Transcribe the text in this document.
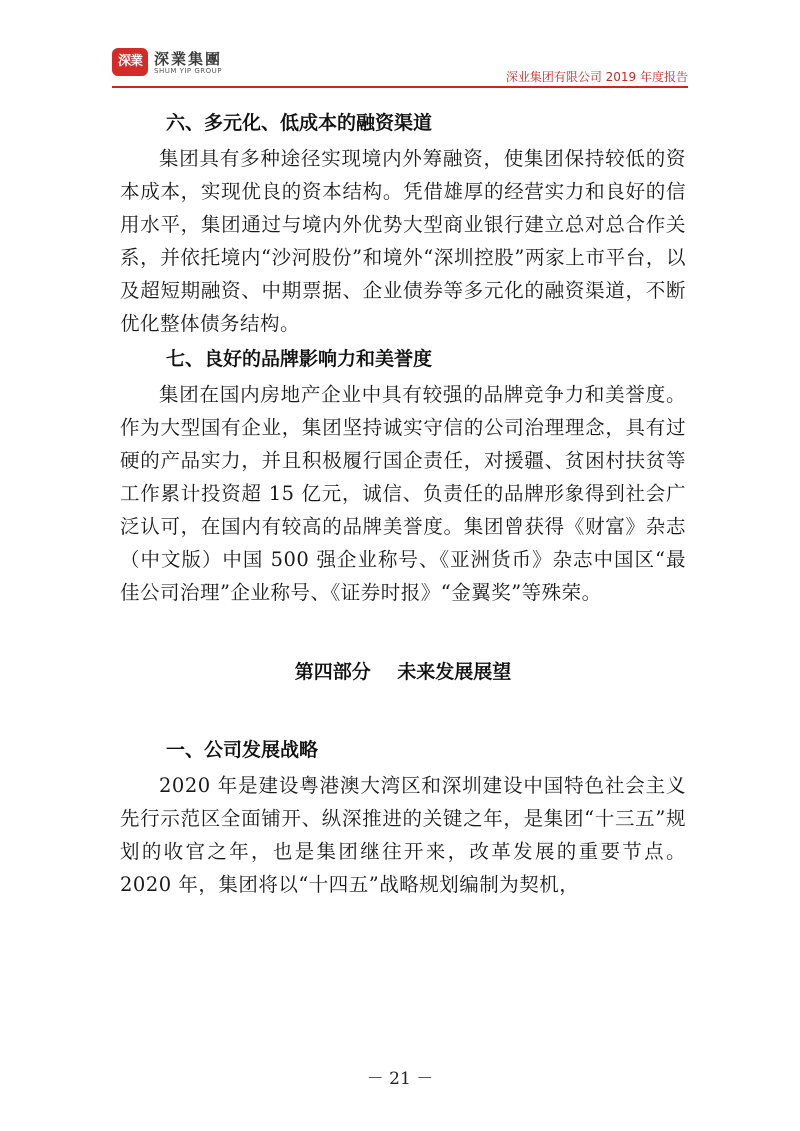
深業 深業集團
SHUM YIP GROUP	深业集团有限公司 2019 年度报告
六、多元化、低成本的融资渠道

集团具有多种途径实现境内外筹融资，使集团保持较低的资本成本，实现优良的资本结构。凭借雄厚的经营实力和良好的信用水平，集团通过与境内外优势大型商业银行建立总对总合作关系，并依托境内“沙河股份”和境外“深圳控股”两家上市平台，以及超短期融资、中期票据、企业债券等多元化的融资渠道，不断优化整体债务结构。

七、良好的品牌影响力和美誉度

集团在国内房地产企业中具有较强的品牌竞争力和美誉度。作为大型国有企业，集团坚持诚实守信的公司治理理念，具有过硬的产品实力，并且积极履行国企责任，对援疆、贫困村扶贫等工作累计投资超 15 亿元，诚信、负责任的品牌形象得到社会广泛认可，在国内有较高的品牌美誉度。集团曾获得《财富》杂志（中文版）中国 500 强企业称号、《亚洲货币》杂志中国区“最佳公司治理”企业称号、《证券时报》“金翼奖”等殊荣。

第四部分    未来发展展望
一、公司发展战略

2020 年是建设粤港澳大湾区和深圳建设中国特色社会主义先行示范区全面铺开、纵深推进的关键之年，是集团“十三五”规划的收官之年，也是集团继往开来，改革发展的重要节点。2020 年，集团将以“十四五”战略规划编制为契机，

－ 21 －
